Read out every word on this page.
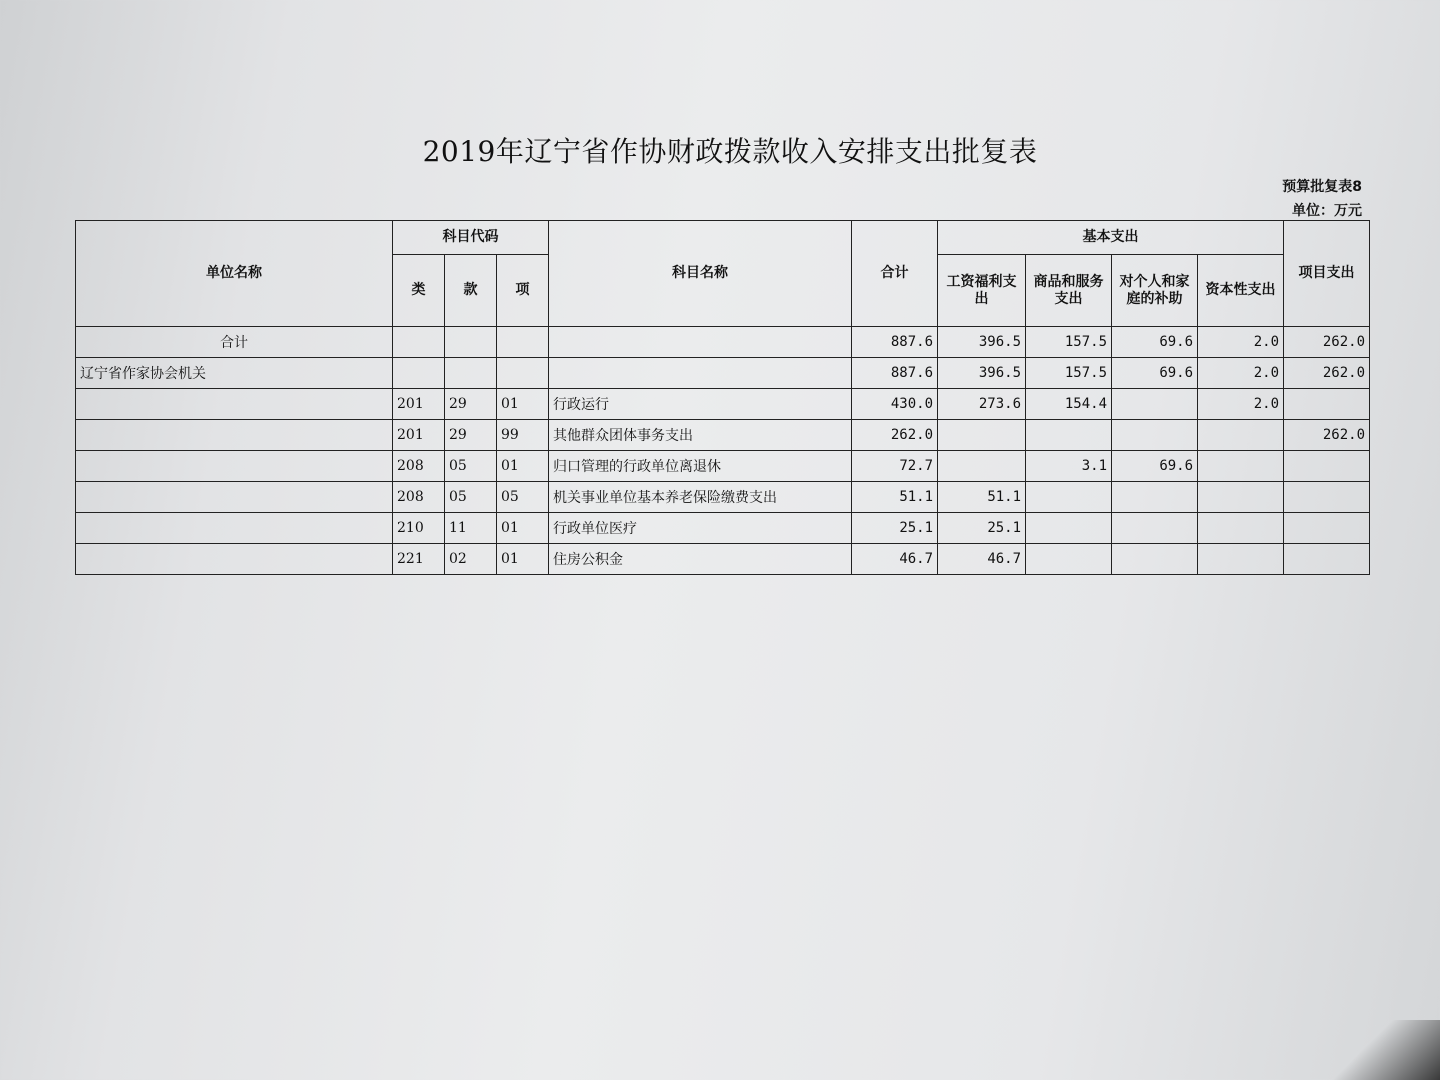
2019年辽宁省作协财政拨款收入安排支出批复表
预算批复表8
单位：万元
单位名称	科目代码			科目名称	合计	基本支出				项目支出
	类	款	项			工资福利支出	商品和服务支出	对个人和家庭的补助	资本性支出	
合计					887.6	396.5	157.5	69.6	2.0	262.0
辽宁省作家协会机关					887.6	396.5	157.5	69.6	2.0	262.0
	201	29	01	行政运行	430.0	273.6	154.4		2.0	
	201	29	99	其他群众团体事务支出	262.0					262.0
	208	05	01	归口管理的行政单位离退休	72.7		3.1	69.6		
	208	05	05	机关事业单位基本养老保险缴费支出	51.1	51.1				
	210	11	01	行政单位医疗	25.1	25.1				
	221	02	01	住房公积金	46.7	46.7				
